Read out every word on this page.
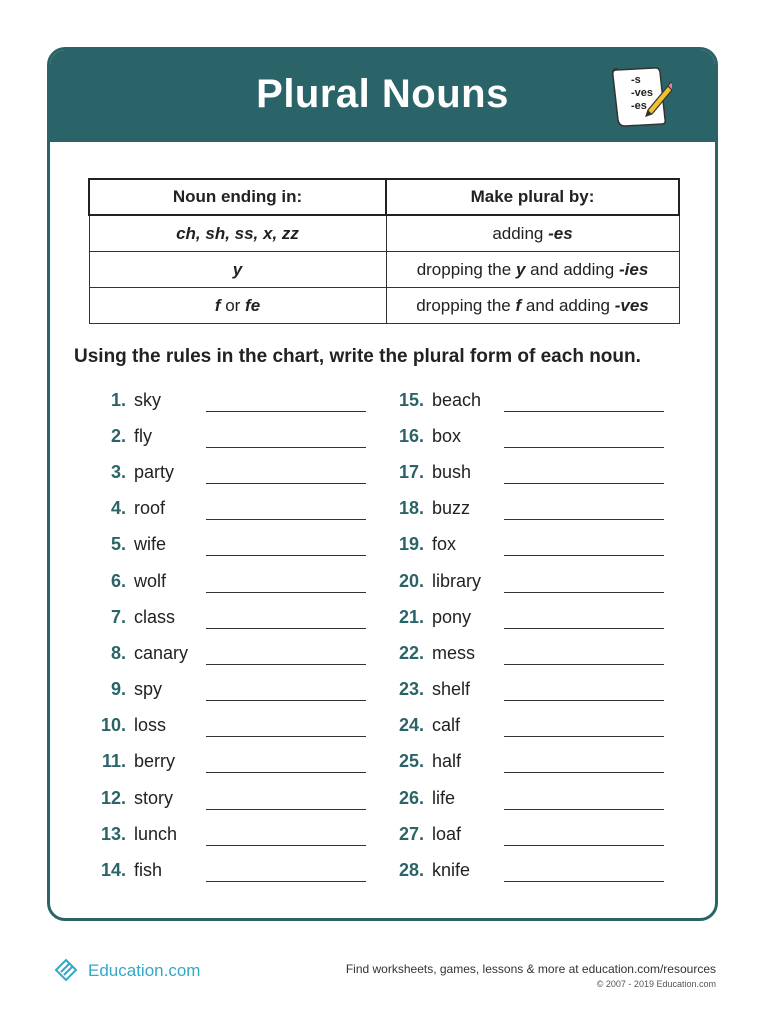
Plural Nouns	-s
-ves
-es
Noun ending in:	Make plural by:
ch, sh, ss, x, zz	adding -es
y	dropping the y and adding -ies
f or fe	dropping the f and adding -ves
Using the rules in the chart, write the plural form of each noun.
1. sky
2. fly
3. party
4. roof
5. wife
6. wolf
7. class
8. canary
9. spy
10. loss
11. berry
12. story
13. lunch
14. fish
15. beach
16. box
17. bush
18. buzz
19. fox
20. library
21. pony
22. mess
23. shelf
24. calf
25. half
26. life
27. loaf
28. knife
Education.com	Find worksheets, games, lessons & more at education.com/resources
© 2007 - 2019 Education.com
